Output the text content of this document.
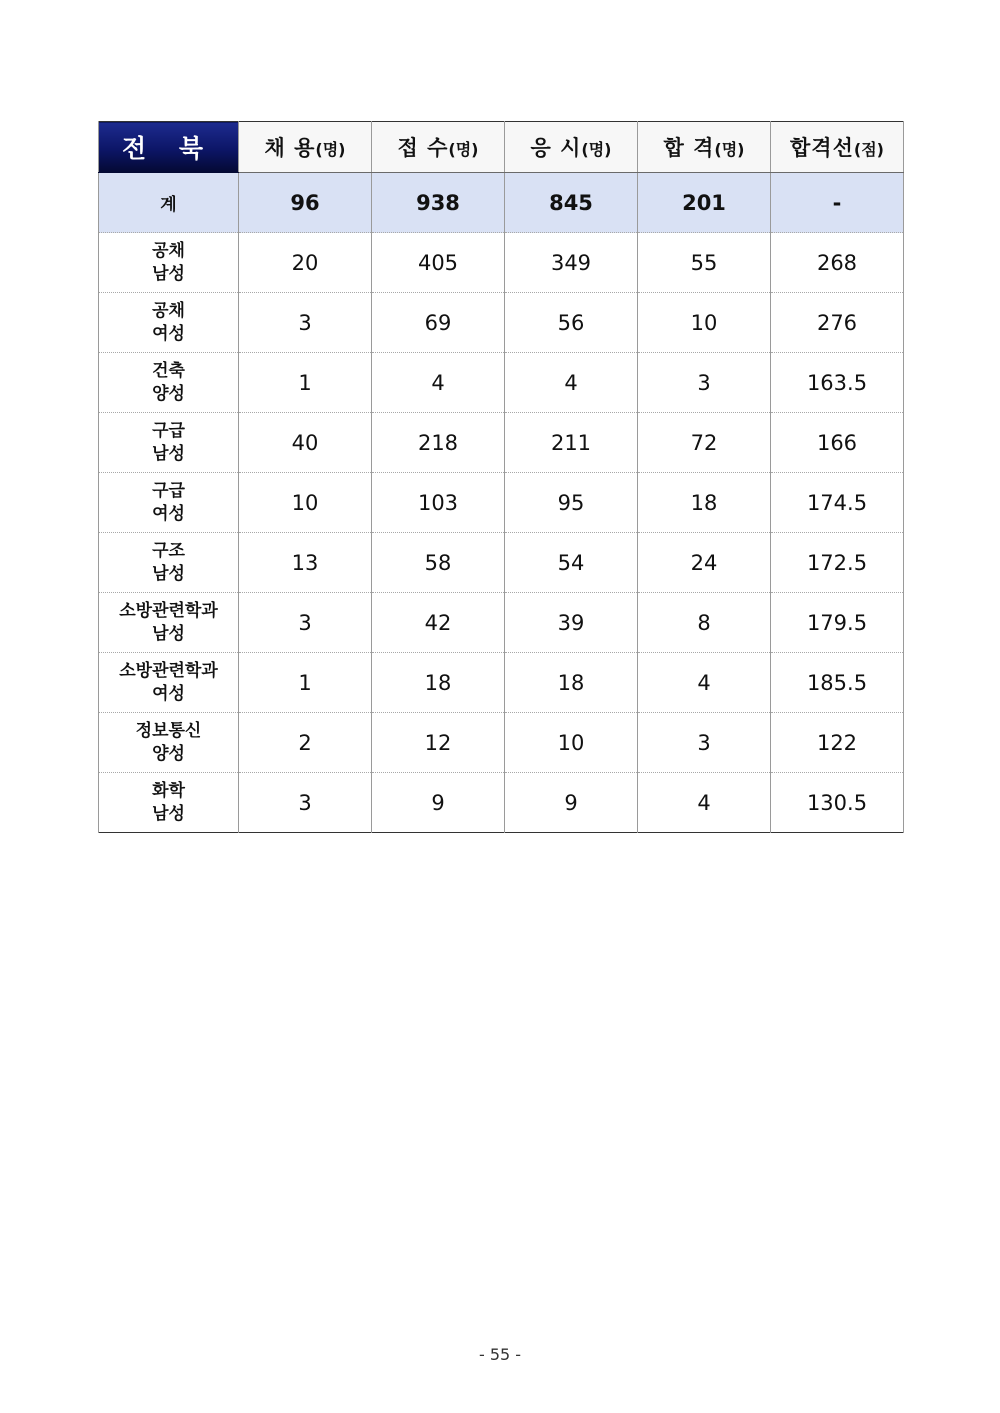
전 북	채 용(명)	접 수(명)	응 시(명)	합 격(명)	합격선(점)
계	96	938	845	201	-

공채
남성	20	405	349	55	268

공채
여성	3	69	56	10	276

건축
양성	1	4	4	3	163.5

구급
남성	40	218	211	72	166

구급
여성	10	103	95	18	174.5

구조
남성	13	58	54	24	172.5

소방관련학과
남성	3	42	39	8	179.5

소방관련학과
여성	1	18	18	4	185.5

정보통신
양성	2	12	10	3	122

화학
남성	3	9	9	4	130.5
- 55 -
